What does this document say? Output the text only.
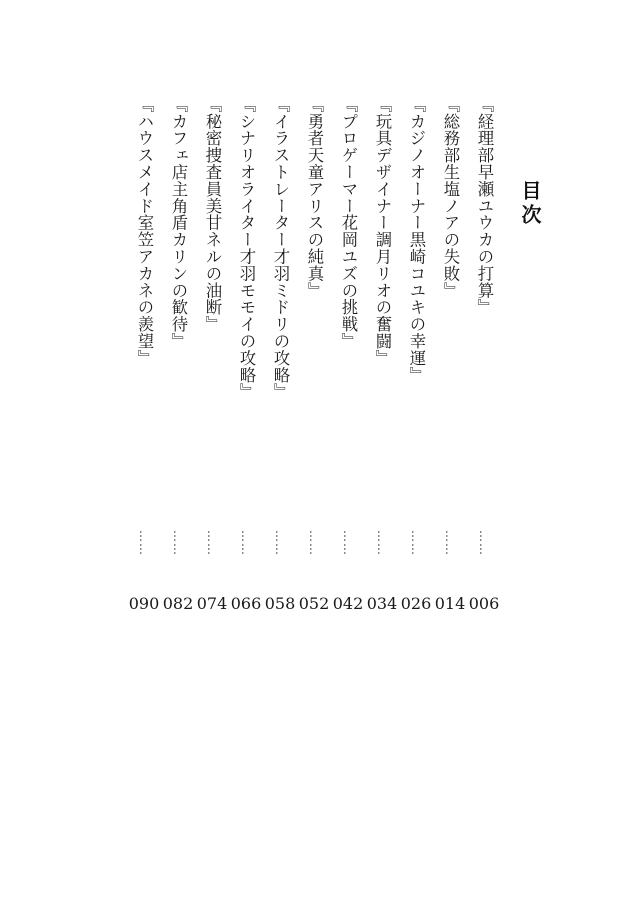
目次
『経理部早瀬ユウカの打算』
……
006
『総務部生塩ノアの失敗』
……
014
『カジノオーナー黒崎コユキの幸運』
……
026
『玩具デザイナー調月リオの奮闘』
……
034
『プロゲーマー花岡ユズの挑戦』
……
042
『勇者天童アリスの純真』
……
052
『イラストレーター才羽ミドリの攻略』
……
058
『シナリオライター才羽モモイの攻略』
……
066
『秘密捜査員美甘ネルの油断』
……
074
『カフェ店主角盾カリンの歓待』
……
082
『ハウスメイド室笠アカネの羨望』
……
090
